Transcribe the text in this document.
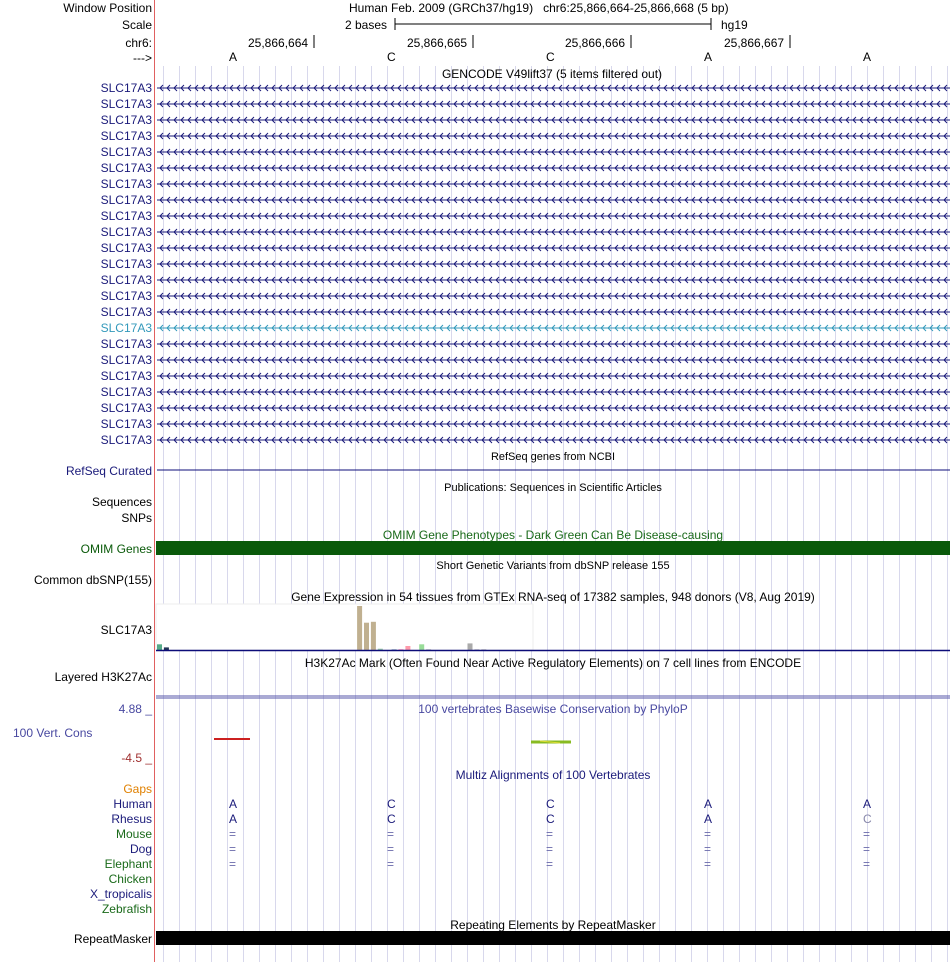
Window Position	Human Feb. 2009 (GRCh37/hg19)   chr6:25,866,664-25,866,668 (5 bp)
Scale	2 bases	hg19
chr6:	25,866,664	25,866,665	25,866,666	25,866,667
--->	A	C	C	A	A
GENCODE V49lift37 (5 items filtered out)
SLC17A3
SLC17A3
SLC17A3
SLC17A3
SLC17A3
SLC17A3
SLC17A3
SLC17A3
SLC17A3
SLC17A3
SLC17A3
SLC17A3
SLC17A3
SLC17A3
SLC17A3
SLC17A3
SLC17A3
SLC17A3
SLC17A3
SLC17A3
SLC17A3
SLC17A3
SLC17A3
RefSeq genes from NCBI
RefSeq Curated
Publications: Sequences in Scientific Articles
Sequences
SNPs
OMIM Gene Phenotypes - Dark Green Can Be Disease-causing
OMIM Genes
Short Genetic Variants from dbSNP release 155
Common dbSNP(155)
Gene Expression in 54 tissues from GTEx RNA-seq of 17382 samples, 948 donors (V8, Aug 2019)
SLC17A3
H3K27Ac Mark (Often Found Near Active Regulatory Elements) on 7 cell lines from ENCODE
Layered H3K27Ac
4.88 _	100 vertebrates Basewise Conservation by PhyloP
100 Vert. Cons
-4.5 _
Multiz Alignments of 100 Vertebrates
Gaps
Human	A	C	C	A	A
Rhesus	A	C	C	A	C
Mouse	=	=	=	=	=
Dog	=	=	=	=	=
Elephant	=	=	=	=	=
Chicken
X_tropicalis
Zebrafish
Repeating Elements by RepeatMasker
RepeatMasker
